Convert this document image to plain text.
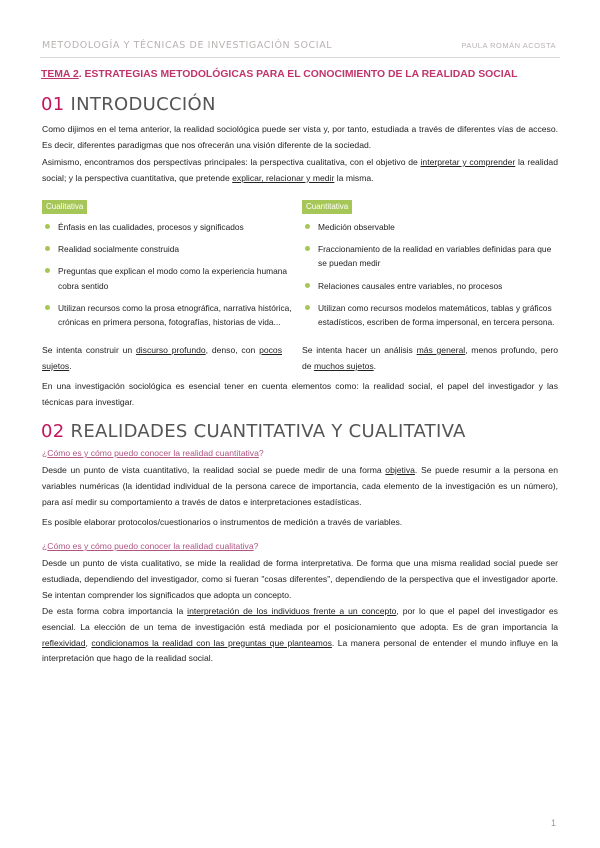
METODOLOGÍA Y TÉCNICAS DE INVESTIGACIÓN SOCIAL	PAULA ROMÁN ACOSTA
TEMA 2. ESTRATEGIAS METODOLÓGICAS PARA EL CONOCIMIENTO DE LA REALIDAD SOCIAL
01 INTRODUCCIÓN
Como dijimos en el tema anterior, la realidad sociológica puede ser vista y, por tanto, estudiada a través de diferentes vías de acceso. Es decir, diferentes paradigmas que nos ofrecerán una visión diferente de la sociedad.
Asimismo, encontramos dos perspectivas principales: la perspectiva cualitativa, con el objetivo de interpretar y comprender la realidad social; y la perspectiva cuantitativa, que pretende explicar, relacionar y medir la misma.
Cualitativa
Énfasis en las cualidades, procesos y significados
Realidad socialmente construida
Preguntas que explican el modo como la experiencia humana cobra sentido
Utilizan recursos como la prosa etnográfica, narrativa histórica, crónicas en primera persona, fotografías, historias de vida...
Cuantitativa
Medición observable
Fraccionamiento de la realidad en variables definidas para que se puedan medir
Relaciones causales entre variables, no procesos
Utilizan como recursos modelos matemáticos, tablas y gráficos estadísticos, escriben de forma impersonal, en tercera persona.
Se intenta construir un discurso profundo, denso, con pocos sujetos.
Se intenta hacer un análisis más general, menos profundo, pero de muchos sujetos.
En una investigación sociológica es esencial tener en cuenta elementos como: la realidad social, el papel del investigador y las técnicas para investigar.
02 REALIDADES CUANTITATIVA Y CUALITATIVA
¿Cómo es y cómo puedo conocer la realidad cuantitativa?
Desde un punto de vista cuantitativo, la realidad social se puede medir de una forma objetiva. Se puede resumir a la persona en variables numéricas (la identidad individual de la persona carece de importancia, cada elemento de la investigación es un número), para así medir su comportamiento a través de datos e interpretaciones estadísticas.
Es posible elaborar protocolos/cuestionarios o instrumentos de medición a través de variables.
¿Cómo es y cómo puedo conocer la realidad cualitativa?
Desde un punto de vista cualitativo, se mide la realidad de forma interpretativa. De forma que una misma realidad social puede ser estudiada, dependiendo del investigador, como si fueran "cosas diferentes", dependiendo de la perspectiva que el investigador aporte. Se intentan comprender los significados que adopta un concepto.
De esta forma cobra importancia la interpretación de los individuos frente a un concepto, por lo que el papel del investigador es esencial. La elección de un tema de investigación está mediada por el posicionamiento que adopta. Es de gran importancia la reflexividad, condicionamos la realidad con las preguntas que planteamos. La manera personal de entender el mundo influye en la interpretación que hago de la realidad social.
1
